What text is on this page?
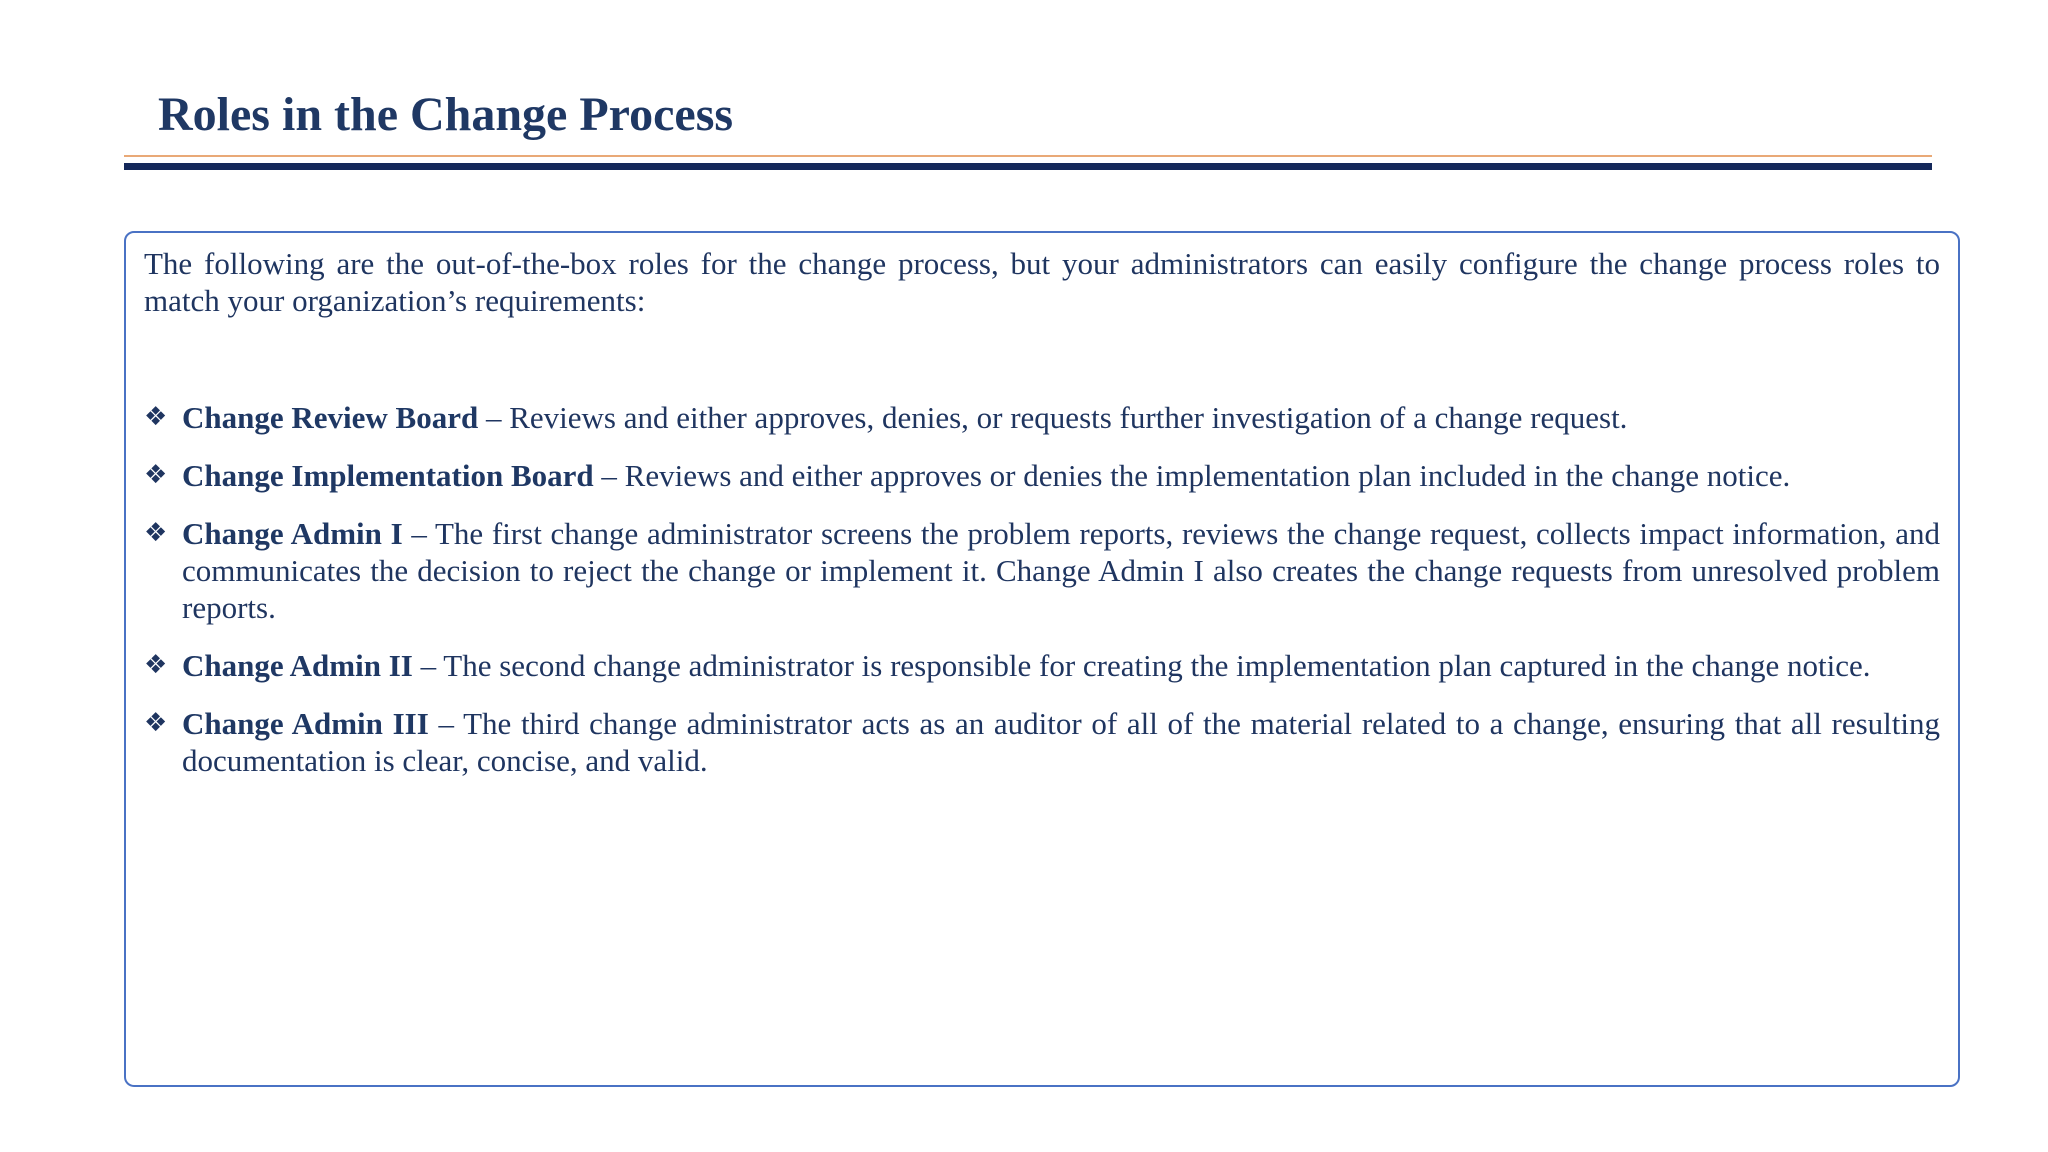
Roles in the Change Process

The following are the out-of-the-box roles for the change process, but your administrators can easily configure the change process roles to match your organization’s requirements:

❖ Change Review Board – Reviews and either approves, denies, or requests further investigation of a change request.
❖ Change Implementation Board – Reviews and either approves or denies the implementation plan included in the change notice.
❖ Change Admin I – The first change administrator screens the problem reports, reviews the change request, collects impact information, and communicates the decision to reject the change or implement it. Change Admin I also creates the change requests from unresolved problem reports.
❖ Change Admin II – The second change administrator is responsible for creating the implementation plan captured in the change notice.
❖ Change Admin III – The third change administrator acts as an auditor of all of the material related to a change, ensuring that all resulting documentation is clear, concise, and valid.
